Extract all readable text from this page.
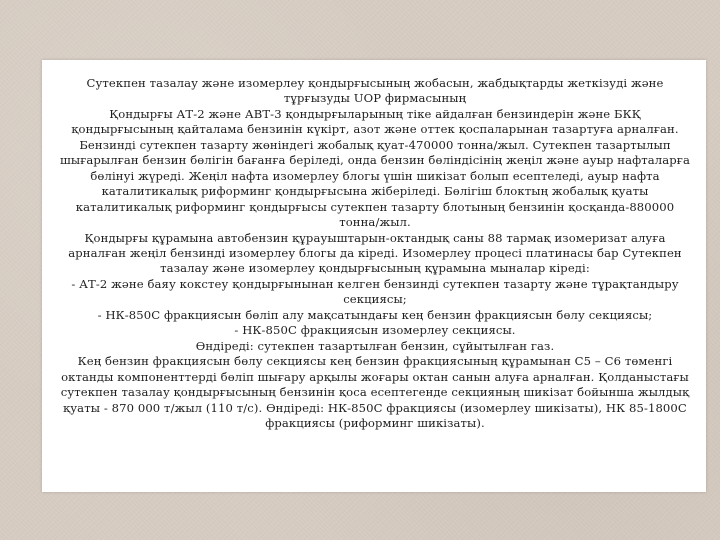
Сутекпен тазалау және изомерлеу қондырғысының жобасын, жабдықтарды жеткізуді және тұрғызуды UOP фирмасының

Қондырғы АТ-2 және АВТ-3 қондырғыларының тіке айдалған бензиндерін және БКҚ қондырғысының қайталама бензинін күкірт, азот және оттек қоспаларынан тазартуға арналған. Бензинді сутекпен тазарту жөніндегі жобалық қуат-470000 тонна/жыл. Сутекпен тазартылып шығарылған бензин бөлігін бағанға беріледі, онда бензин бөліндісінің жеңіл және ауыр нафталарға бөлінуі жүреді. Жеңіл нафта изомерлеу блогы үшін шикізат болып есептеледі, ауыр нафта каталитикалық риформинг қондырғысына жіберіледі. Бөлігіш блоктың жобалық қуаты каталитикалық риформинг қондырғысы сутекпен тазарту блотының бензинін қосқанда-880000 тонна/жыл.

Қондырғы құрамына автобензин құрауыштарын-октандық саны 88 тармақ изомеризат алуға арналған жеңіл бензинді изомерлеу блогы да кіреді. Изомерлеу процесі платинасы бар Сутекпен тазалау және изомерлеу қондырғысының құрамына мыналар кіреді:

- АТ-2 және баяу кокстеу қондырғынынан келген бензинді сутекпен тазарту және тұрақтандыру секциясы;

- НК-850С фракциясын бөліп алу мақсатындағы кең бензин фракциясын бөлу секциясы;

- НК-850С фракциясын изомерлеу секциясы.

Өндіреді: сутекпен тазартылған бензин, сұйытылған газ.

Кең бензин фракциясын бөлу секциясы кең бензин фракциясының құрамынан С5 – С6 төменгі октанды компоненттерді бөліп шығару арқылы жоғары октан санын алуға арналған. Қолданыстағы сутекпен тазалау қондырғысының бензинін қоса есептегенде секцияның шикізат бойынша жылдық қуаты - 870 000 т/жыл (110 т/с). Өндіреді: НК-850С фракциясы (изомерлеу шикізаты), НК 85-1800С фракциясы (риформинг шикізаты).
